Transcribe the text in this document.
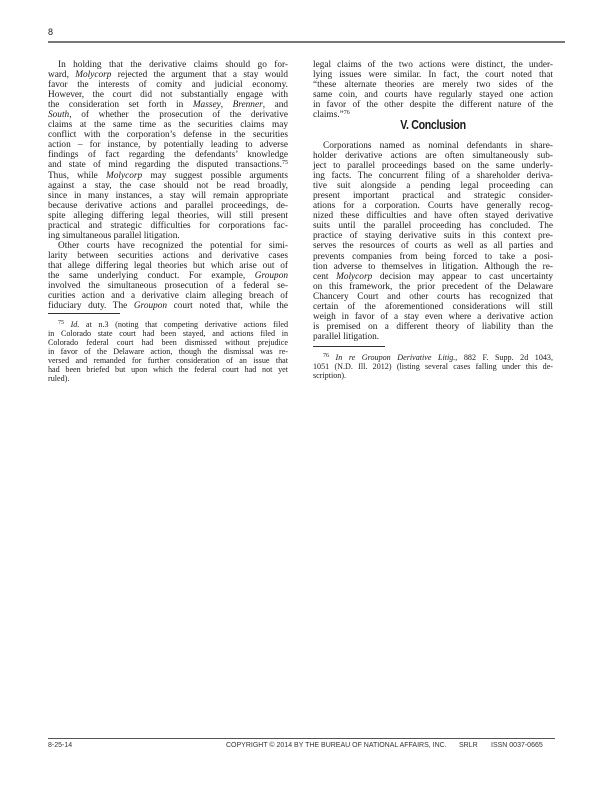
8
In holding that the derivative claims should go for-
ward, Molycorp rejected the argument that a stay would
favor the interests of comity and judicial economy.
However, the court did not substantially engage with
the consideration set forth in Massey, Brenner, and
South, of whether the prosecution of the derivative
claims at the same time as the securities claims may
conflict with the corporation’s defense in the securities
action – for instance, by potentially leading to adverse
findings of fact regarding the defendants’ knowledge
and state of mind regarding the disputed transactions.$^{75}$
Thus, while Molycorp may suggest possible arguments
against a stay, the case should not be read broadly,
since in many instances, a stay will remain appropriate
because derivative actions and parallel proceedings, de-
spite alleging differing legal theories, will still present
practical and strategic difficulties for corporations fac-
ing simultaneous parallel litigation.
Other courts have recognized the potential for simi-
larity between securities actions and derivative cases
that allege differing legal theories but which arise out of
the same underlying conduct. For example, Groupon
involved the simultaneous prosecution of a federal se-
curities action and a derivative claim alleging breach of
fiduciary duty. The Groupon court noted that, while the
$^{75}$ Id. at n.3 (noting that competing derivative actions filed
in Colorado state court had been stayed, and actions filed in
Colorado federal court had been dismissed without prejudice
in favor of the Delaware action, though the dismissal was re-
versed and remanded for further consideration of an issue that
had been briefed but upon which the federal court had not yet
ruled).
legal claims of the two actions were distinct, the under-
lying issues were similar. In fact, the court noted that
“these alternate theories are merely two sides of the
same coin, and courts have regularly stayed one action
in favor of the other despite the different nature of the
claims.”$^{76}$
V. Conclusion
Corporations named as nominal defendants in share-
holder derivative actions are often simultaneously sub-
ject to parallel proceedings based on the same underly-
ing facts. The concurrent filing of a shareholder deriva-
tive suit alongside a pending legal proceeding can
present important practical and strategic consider-
ations for a corporation. Courts have generally recog-
nized these difficulties and have often stayed derivative
suits until the parallel proceeding has concluded. The
practice of staying derivative suits in this context pre-
serves the resources of courts as well as all parties and
prevents companies from being forced to take a posi-
tion adverse to themselves in litigation. Although the re-
cent Molycorp decision may appear to cast uncertainty
on this framework, the prior precedent of the Delaware
Chancery Court and other courts has recognized that
certain of the aforementioned considerations will still
weigh in favor of a stay even where a derivative action
is premised on a different theory of liability than the
parallel litigation.
$^{76}$ In re Groupon Derivative Litig., 882 F. Supp. 2d 1043,
1051 (N.D. Ill. 2012) (listing several cases falling under this de-
scription).
8-25-14	COPYRIGHT © 2014 BY THE BUREAU OF NATIONAL AFFAIRS, INC. SRLR ISSN 0037-0665
